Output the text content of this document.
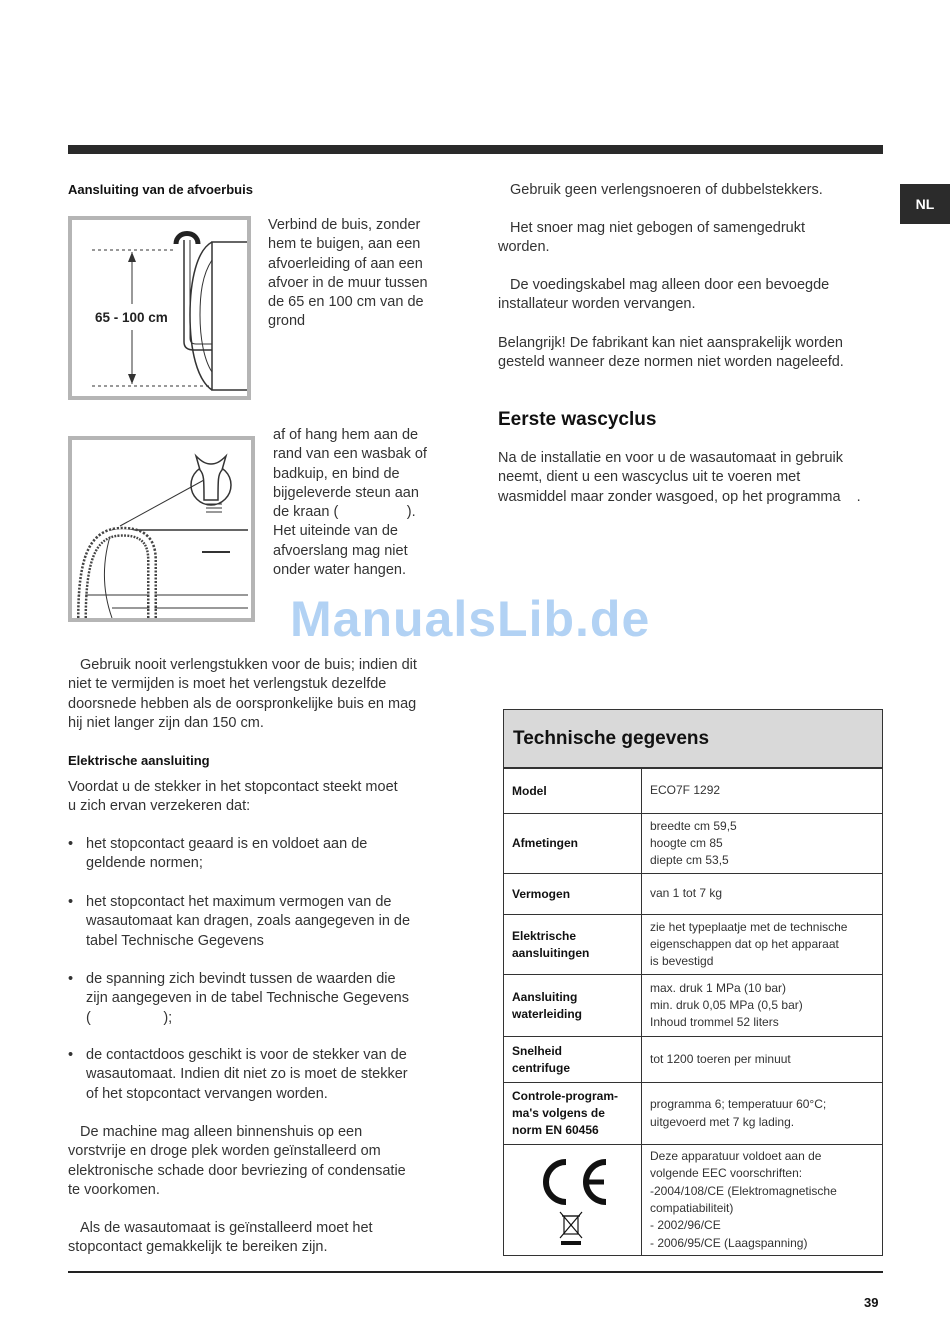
NL
Aansluiting van de afvoerbuis
65 - 100 cm
Verbind de buis, zonder
hem te buigen, aan een
afvoerleiding of aan een
afvoer in de muur tussen
de 65 en 100 cm van de
grond
af of hang hem aan de
rand van een wasbak of
badkuip, en bind de
bijgeleverde steun aan
de kraan (                 ).
Het uiteinde van de
afvoerslang mag niet
onder water hangen.
ManualsLib.de
Gebruik nooit verlengstukken voor de buis; indien dit
niet te vermijden is moet het verlengstuk dezelfde
doorsnede hebben als de oorspronkelijke buis en mag
hij niet langer zijn dan 150 cm.
Elektrische aansluiting
Voordat u de stekker in het stopcontact steekt moet
u zich ervan verzekeren dat:
• het stopcontact geaard is en voldoet aan de
geldende normen;
• het stopcontact het maximum vermogen van de
wasautomaat kan dragen, zoals aangegeven in de
tabel Technische Gegevens
• de spanning zich bevindt tussen de waarden die
zijn aangegeven in de tabel Technische Gegevens
(                  );
• de contactdoos geschikt is voor de stekker van de
wasautomaat. Indien dit niet zo is moet de stekker
of het stopcontact vervangen worden.
De machine mag alleen binnenshuis op een
vorstvrije en droge plek worden geïnstalleerd om
elektronische schade door bevriezing of condensatie
te voorkomen.
Als de wasautomaat is geïnstalleerd moet het
stopcontact gemakkelijk te bereiken zijn.
Gebruik geen verlengsnoeren of dubbelstekkers.
Het snoer mag niet gebogen of samengedrukt
worden.
De voedingskabel mag alleen door een bevoegde
installateur worden vervangen.
Belangrijk! De fabrikant kan niet aansprakelijk worden
gesteld wanneer deze normen niet worden nageleefd.
Eerste wascyclus
Na de installatie en voor u de wasautomaat in gebruik
neemt, dient u een wascyclus uit te voeren met
wasmiddel maar zonder wasgoed, op het programma    .
Technische gegevens
Model	ECO7F 1292
Afmetingen
breedte cm 59,5
hoogte cm 85
diepte cm 53,5
Vermogen	van 1 tot 7 kg
Elektrische
aansluitingen
zie het typeplaatje met de technische
eigenschappen dat op het apparaat
is bevestigd
Aansluiting
waterleiding
max. druk 1 MPa (10 bar)
min. druk 0,05 MPa (0,5 bar)
Inhoud trommel 52 liters
Snelheid
centrifuge
tot 1200 toeren per minuut
Controle-program-
ma's volgens de
norm EN 60456
programma 6; temperatuur 60°C;
uitgevoerd met 7 kg lading.
Deze apparatuur voldoet aan de
volgende EEC voorschriften:
-2004/108/CE (Elektromagnetische
compatiabiliteit)
- 2002/96/CE
- 2006/95/CE (Laagspanning)
39
